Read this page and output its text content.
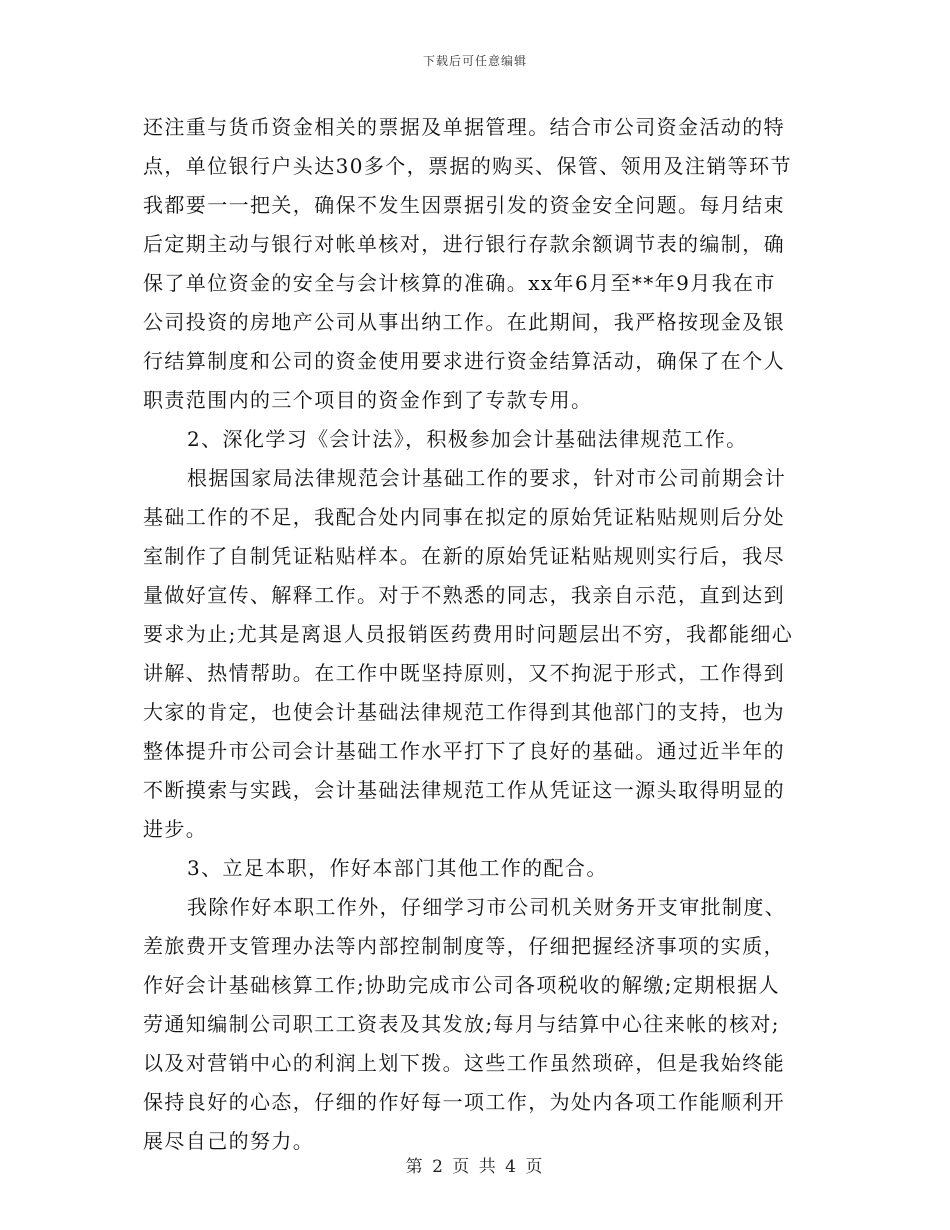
下载后可任意编辑
还注重与货币资金相关的票据及单据管理。结合市公司资金活动的特
点，单位银行户头达30多个，票据的购买、保管、领用及注销等环节
我都要一一把关，确保不发生因票据引发的资金安全问题。每月结束
后定期主动与银行对帐单核对，进行银行存款余额调节表的编制，确
保了单位资金的安全与会计核算的准确。xx年6月至**年9月我在市
公司投资的房地产公司从事出纳工作。在此期间，我严格按现金及银
行结算制度和公司的资金使用要求进行资金结算活动，确保了在个人
职责范围内的三个项目的资金作到了专款专用。
2、深化学习《会计法》，积极参加会计基础法律规范工作。
根据国家局法律规范会计基础工作的要求，针对市公司前期会计
基础工作的不足，我配合处内同事在拟定的原始凭证粘贴规则后分处
室制作了自制凭证粘贴样本。在新的原始凭证粘贴规则实行后，我尽
量做好宣传、解释工作。对于不熟悉的同志，我亲自示范，直到达到
要求为止;尤其是离退人员报销医药费用时问题层出不穷，我都能细心
讲解、热情帮助。在工作中既坚持原则，又不拘泥于形式，工作得到
大家的肯定，也使会计基础法律规范工作得到其他部门的支持，也为
整体提升市公司会计基础工作水平打下了良好的基础。通过近半年的
不断摸索与实践，会计基础法律规范工作从凭证这一源头取得明显的
进步。
3、立足本职，作好本部门其他工作的配合。
我除作好本职工作外，仔细学习市公司机关财务开支审批制度、
差旅费开支管理办法等内部控制制度等，仔细把握经济事项的实质，
作好会计基础核算工作;协助完成市公司各项税收的解缴;定期根据人
劳通知编制公司职工工资表及其发放;每月与结算中心往来帐的核对;
以及对营销中心的利润上划下拨。这些工作虽然琐碎，但是我始终能
保持良好的心态，仔细的作好每一项工作，为处内各项工作能顺利开
展尽自己的努力。
第 2 页 共 4 页
